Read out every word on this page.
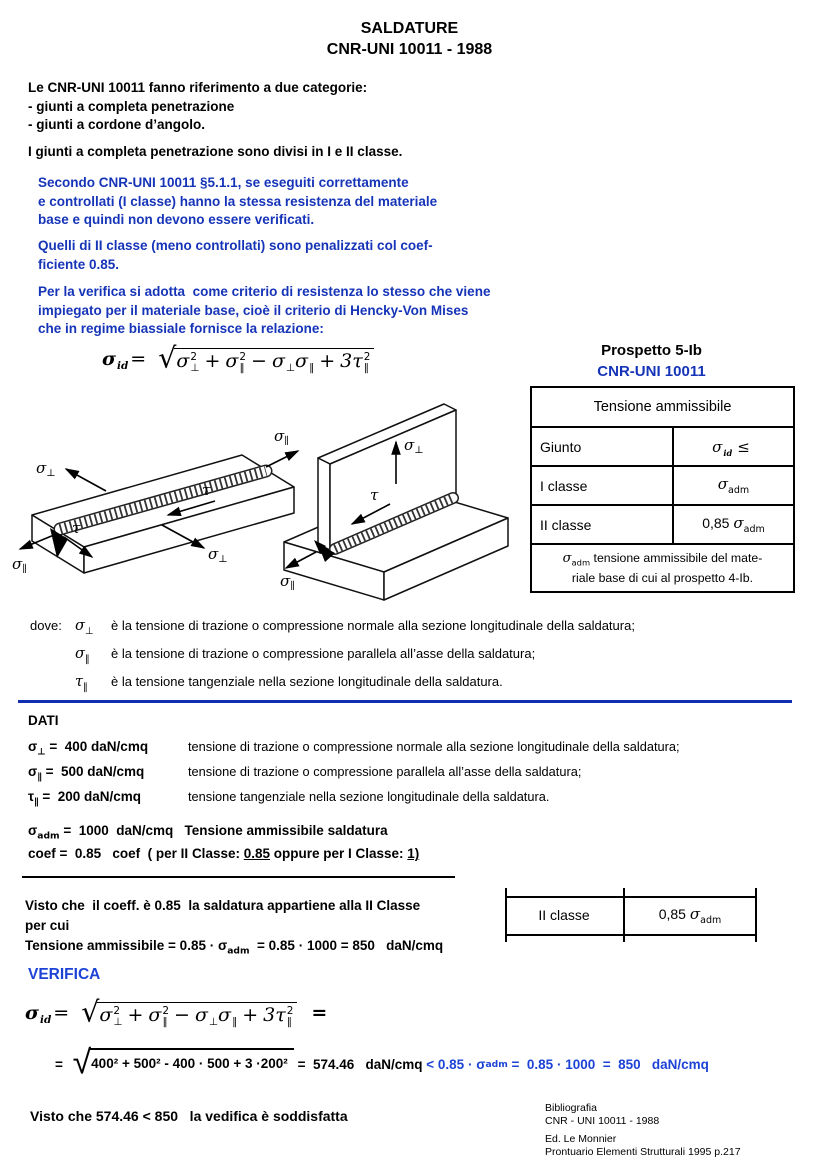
SALDATURE
CNR-UNI 10011 - 1988
Le CNR-UNI 10011 fanno riferimento a due categorie:
- giunti a completa penetrazione
- giunti a cordone d’angolo.
I giunti a completa penetrazione sono divisi in I e II classe.
Secondo CNR-UNI 10011 §5.1.1, se eseguiti correttamente
e controllati (I classe) hanno la stessa resistenza del materiale
base e quindi non devono essere verificati.
Quelli di II classe (meno controllati) sono penalizzati col coef-
ficiente 0.85.
Per la verifica si adotta  come criterio di resistenza lo stesso che viene
impiegato per il materiale base, cioè il criterio di Hencky-Von Mises
che in regime biassiale fornisce la relazione:
σ id = √ σ 2
⊥ + σ 2
∥ − σ ⊥ σ ∥ + 3τ 2
∥
Prospetto 5-Ib
CNR-UNI 10011
Tensione ammissibile	
Giunto	σ id ≤

I classe	σ $_{adm}$
II classe	0,85 σ $_{adm}$

σ $_{adm}$ tensione ammissibile del mate-
riale base di cui al prospetto 4-Ib.	
$\sigma_\perp$
$\sigma_\parallel$
τ
τ
$\sigma_\perp$
$\sigma_\parallel$
$\sigma_\perp$
τ
$\sigma_\parallel$
dove: $\sigma_\perp$	è la tensione di trazione o compressione normale alla sezione longitudinale della saldatura;
$\sigma_\parallel$	è la tensione di trazione o compressione parallela all’asse della saldatura;
$\tau_\parallel$	è la tensione tangenziale nella sezione longitudinale della saldatura.
DATI
$\sigma_\perp = 400$ daN/cmq	tensione di trazione o compressione normale alla sezione longitudinale della saldatura;
$\sigma_\parallel = 500$ daN/cmq	tensione di trazione o compressione parallela all’asse della saldatura;
$\tau_\parallel = 200$ daN/cmq	tensione tangenziale nella sezione longitudinale della saldatura.
$\sigma_{adm} = 1000$  daN/cmq Tensione ammissibile saldatura
coef =  0.85   coef  ( per II Classe: 0.85 oppure per I Classe: 1)
Visto che  il coeff. è 0.85  la saldatura appartiene alla II Classe
per cui
Tensione ammissibile = $0.85 \cdot \sigma_{adm} = 0.85 \cdot 1000 = 850$   daN/cmq
II classe	0,85 σ $_{adm}$
VERIFICA
σ id = √ σ 2
⊥ + σ 2
∥ − σ ⊥ σ ∥ + 3τ 2
∥ =
= √ 400² + 500² - 400 · 500 + 3 ·200² =  574.46   daN/cmq < 0.85 · σ adm =  0.85 · 1000  =  850 daN/cmq
Visto che 574.46 < 850   la vedifica è soddisfatta	Bibliografia
CNR - UNI 10011 - 1988
Ed. Le Monnier
Prontuario Elementi Strutturali 1995 p.217
